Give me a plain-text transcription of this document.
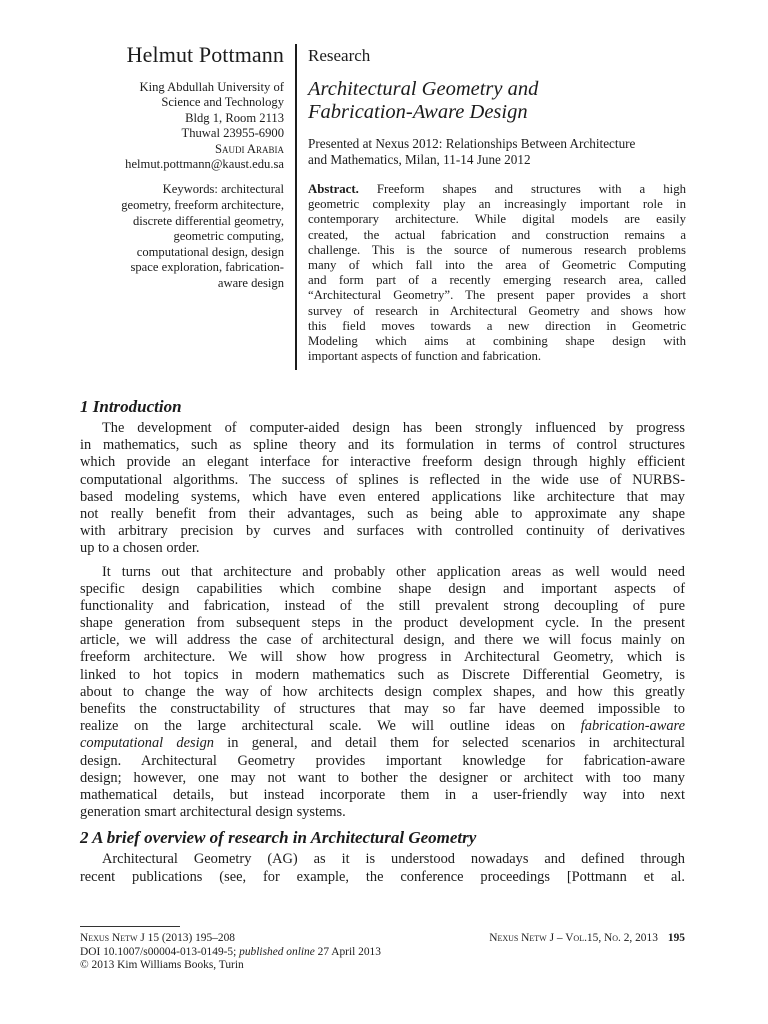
Helmut Pottmann
King Abdullah University of
Science and Technology
Bldg 1, Room 2113
Thuwal 23955-6900
Saudi Arabia
helmut.pottmann@kaust.edu.sa
Keywords: architectural
geometry, freeform architecture,
discrete differential geometry,
geometric computing,
computational design, design
space exploration, fabrication-
aware design
Research
Architectural Geometry and
Fabrication-Aware Design
Presented at Nexus 2012: Relationships Between Architecture
and Mathematics, Milan, 11-14 June 2012
Abstract. Freeform shapes and structures with a high
geometric complexity play an increasingly important role in
contemporary architecture. While digital models are easily
created, the actual fabrication and construction remains a
challenge. This is the source of numerous research problems
many of which fall into the area of Geometric Computing
and form part of a recently emerging research area, called
“Architectural Geometry”. The present paper provides a short
survey of research in Architectural Geometry and shows how
this field moves towards a new direction in Geometric
Modeling which aims at combining shape design with
important aspects of function and fabrication.
1 Introduction
The development of computer-aided design has been strongly influenced by progress
in mathematics, such as spline theory and its formulation in terms of control structures
which provide an elegant interface for interactive freeform design through highly efficient
computational algorithms. The success of splines is reflected in the wide use of NURBS-
based modeling systems, which have even entered applications like architecture that may
not really benefit from their advantages, such as being able to approximate any shape
with arbitrary precision by curves and surfaces with controlled continuity of derivatives
up to a chosen order.
It turns out that architecture and probably other application areas as well would need
specific design capabilities which combine shape design and important aspects of
functionality and fabrication, instead of the still prevalent strong decoupling of pure
shape generation from subsequent steps in the product development cycle. In the present
article, we will address the case of architectural design, and there we will focus mainly on
freeform architecture. We will show how progress in Architectural Geometry, which is
linked to hot topics in modern mathematics such as Discrete Differential Geometry, is
about to change the way of how architects design complex shapes, and how this greatly
benefits the constructability of structures that may so far have deemed impossible to
realize on the large architectural scale. We will outline ideas on fabrication-aware
computational design in general, and detail them for selected scenarios in architectural
design. Architectural Geometry provides important knowledge for fabrication-aware
design; however, one may not want to bother the designer or architect with too many
mathematical details, but instead incorporate them in a user-friendly way into next
generation smart architectural design systems.
2 A brief overview of research in Architectural Geometry
Architectural Geometry (AG) as it is understood nowadays and defined through
recent publications (see, for example, the conference proceedings [Pottmann et al.
Nexus Netw J 15 (2013) 195–208	Nexus Netw J – Vol.15, No. 2, 2013 195
DOI 10.1007/s00004-013-0149-5; published online 27 April 2013
© 2013 Kim Williams Books, Turin
